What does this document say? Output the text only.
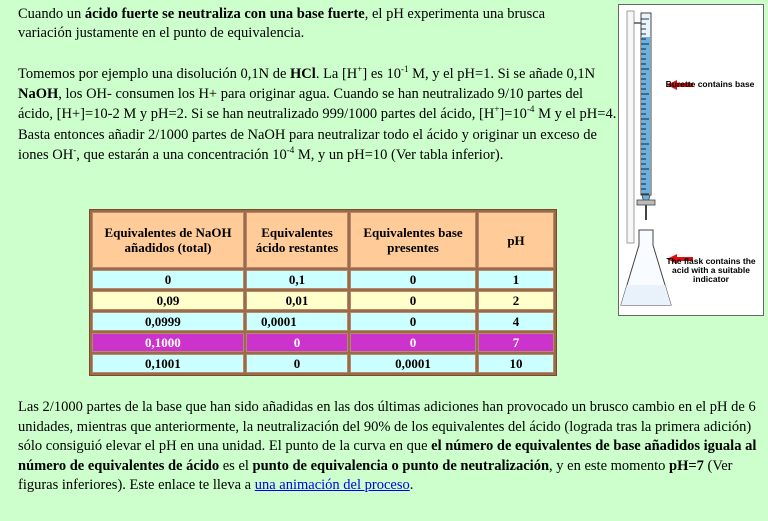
Cuando un ácido fuerte se neutraliza con una base fuerte, el pH experimenta una brusca variación justamente en el punto de equivalencia.
Tomemos por ejemplo una disolución 0,1N de HCl. La [H+] es $10^{-1}$ M, y el pH=1. Si se añade 0,1N NaOH, los OH- consumen los H+ para originar agua. Cuando se han neutralizado 9/10 partes del ácido, [H+]=10-2 M y pH=2. Si se han neutralizado 999/1000 partes del ácido, $[H^+]=10^{-4}$ M y el pH=4. Basta entonces añadir 2/1000 partes de NaOH para neutralizar todo el ácido y originar un exceso de iones OH-, que estarán a una concentración $10^{-4}$ M, y un pH=10 (Ver tabla inferior).
Burette contains base
The flask contains the acid with a suitable indicator
Equivalentes de NaOH añadidos (total)	Equivalentes ácido restantes	Equivalentes base presentes	pH
0	0,1	0	1
0,09	0,01	0	2
0,0999	0,0001	0	4
0,1000	0	0	7
0,1001	0	0,0001	10
Las 2/1000 partes de la base que han sido añadidas en las dos últimas adiciones han provocado un brusco cambio en el pH de 6 unidades, mientras que anteriormente, la neutralización del 90% de los equivalentes del ácido (lograda tras la primera adición) sólo consiguió elevar el pH en una unidad. El punto de la curva en que el número de equivalentes de base añadidos iguala al número de equivalentes de ácido es el punto de equivalencia o punto de neutralización, y en este momento pH=7 (Ver figuras inferiores). Este enlace te lleva a una animación del proceso.
